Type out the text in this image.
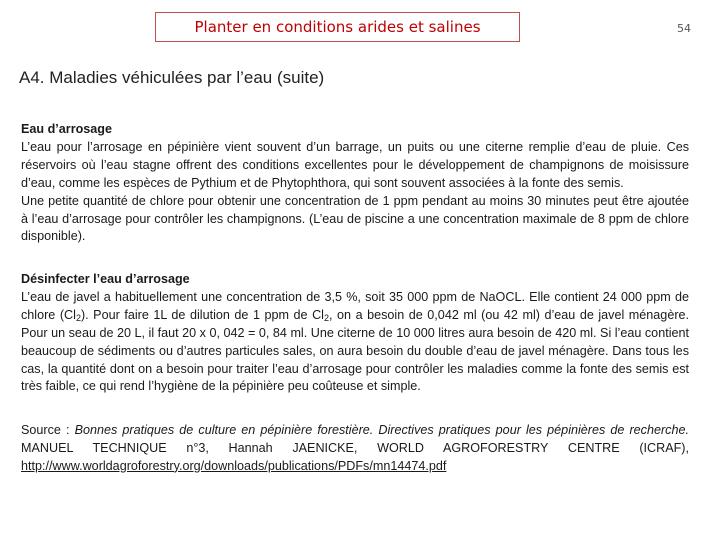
Planter en conditions arides et salines	54
A4. Maladies véhiculées par l’eau (suite)

Eau d’arrosage

L’eau pour l’arrosage en pépinière vient souvent d’un barrage, un puits ou une citerne remplie d’eau de pluie. Ces réservoirs où l’eau stagne offrent des conditions excellentes pour le développement de champignons de moisissure d’eau, comme les espèces de Pythium et de Phytophthora, qui sont souvent associées à la fonte des semis.

Une petite quantité de chlore pour obtenir une concentration de 1 ppm pendant au moins 30 minutes peut être ajoutée à l’eau d’arrosage pour contrôler les champignons. (L’eau de piscine a une concentration maximale de 8 ppm de chlore disponible).

Désinfecter l’eau d’arrosage

L’eau de javel a habituellement une concentration de 3,5 %, soit 35 000 ppm de NaOCL. Elle contient 24 000 ppm de chlore $(Cl_2)$. Pour faire 1L de dilution de 1 ppm de $Cl_2$, on a besoin de 0,042 ml (ou 42 ml) d’eau de javel ménagère. Pour un seau de 20 L, il faut 20 x 0, 042 = 0, 84 ml. Une citerne de 10 000 litres aura besoin de 420 ml. Si l’eau contient beaucoup de sédiments ou d’autres particules sales, on aura besoin du double d’eau de javel ménagère. Dans tous les cas, la quantité dont on a besoin pour traiter l’eau d’arrosage pour contrôler les maladies comme la fonte des semis est très faible, ce qui rend l’hygiène de la pépinière peu coûteuse et simple.

Source : Bonnes pratiques de culture en pépinière forestière. Directives pratiques pour les pépinières de recherche. MANUEL TECHNIQUE n°3, Hannah JAENICKE, WORLD AGROFORESTRY CENTRE (ICRAF), http://www.worldagroforestry.org/downloads/publications/PDFs/mn14474.pdf
